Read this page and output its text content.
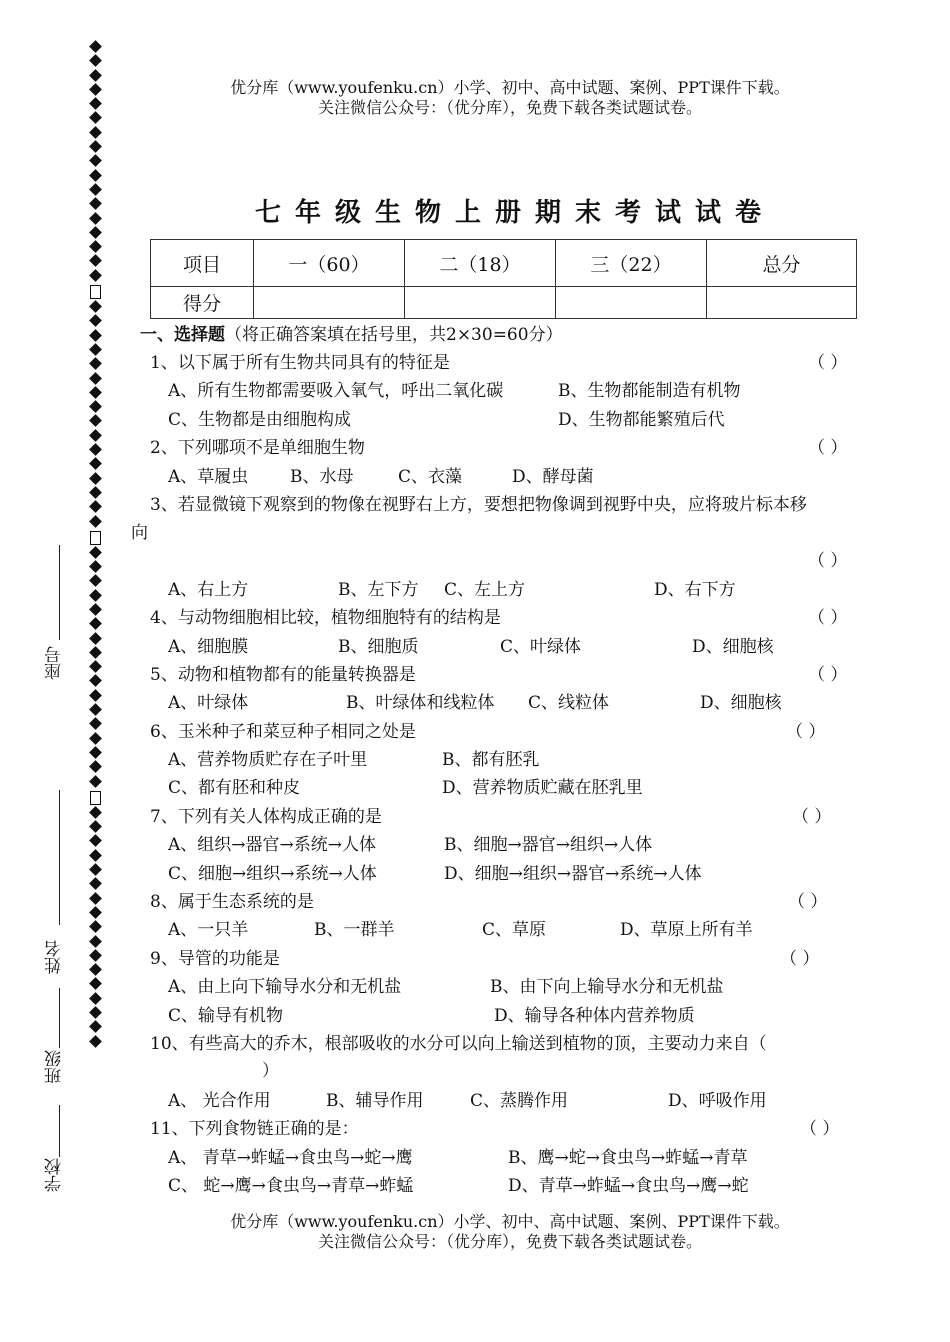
座号
姓名
班级
学校
优分库（www.youfenku.cn）小学、初中、高中试题、案例、PPT课件下载。
关注微信公众号：（优分库），免费下载各类试题试卷。
七年级生物上册期末考试试卷
项目	一（60）	二（18）	三（22）	总分
得分				
一、选择题（将正确答案填在括号里，共2×30=60分）
1、以下属于所有生物共同具有的特征是	（ ）
A、所有生物都需要吸入氧气，呼出二氧化碳	B、生物都能制造有机物
C、生物都是由细胞构成	D、生物都能繁殖后代
2、下列哪项不是单细胞生物	（ ）
A、草履虫 B、水母	C、衣藻	D、酵母菌
3、若显微镜下观察到的物像在视野右上方，要想把物像调到视野中央，应将玻片标本移
向
（ ）
A、右上方	B、左下方 C、左上方	D、右下方
4、与动物细胞相比较，植物细胞特有的结构是	（ ）
A、细胞膜	B、细胞质	C、叶绿体	D、细胞核
5、动物和植物都有的能量转换器是	（ ）
A、叶绿体	B、叶绿体和线粒体 C、线粒体	D、细胞核
6、玉米种子和菜豆种子相同之处是	（ ）
A、营养物质贮存在子叶里	B、都有胚乳
C、都有胚和种皮	D、营养物质贮藏在胚乳里
7、下列有关人体构成正确的是	（ ）
A、组织→器官→系统→人体	B、细胞→器官→组织→人体
C、细胞→组织→系统→人体	D、细胞→组织→器官→系统→人体
8、属于生态系统的是	（ ）
A、一只羊	B、一群羊	C、草原	D、草原上所有羊
9、导管的功能是	（ ）
A、由上向下输导水分和无机盐	B、由下向上输导水分和无机盐
C、输导有机物	D、输导各种体内营养物质
10、有些高大的乔木，根部吸收的水分可以向上输送到植物的顶，主要动力来自（
）
A、 光合作用	B、辅导作用	C、蒸腾作用	D、呼吸作用
11、下列食物链正确的是：	（ ）
A、 青草→蚱蜢→食虫鸟→蛇→鹰	B、鹰→蛇→食虫鸟→蚱蜢→青草
C、 蛇→鹰→食虫鸟→青草→蚱蜢	D、青草→蚱蜢→食虫鸟→鹰→蛇
优分库（www.youfenku.cn）小学、初中、高中试题、案例、PPT课件下载。
关注微信公众号：（优分库），免费下载各类试题试卷。
